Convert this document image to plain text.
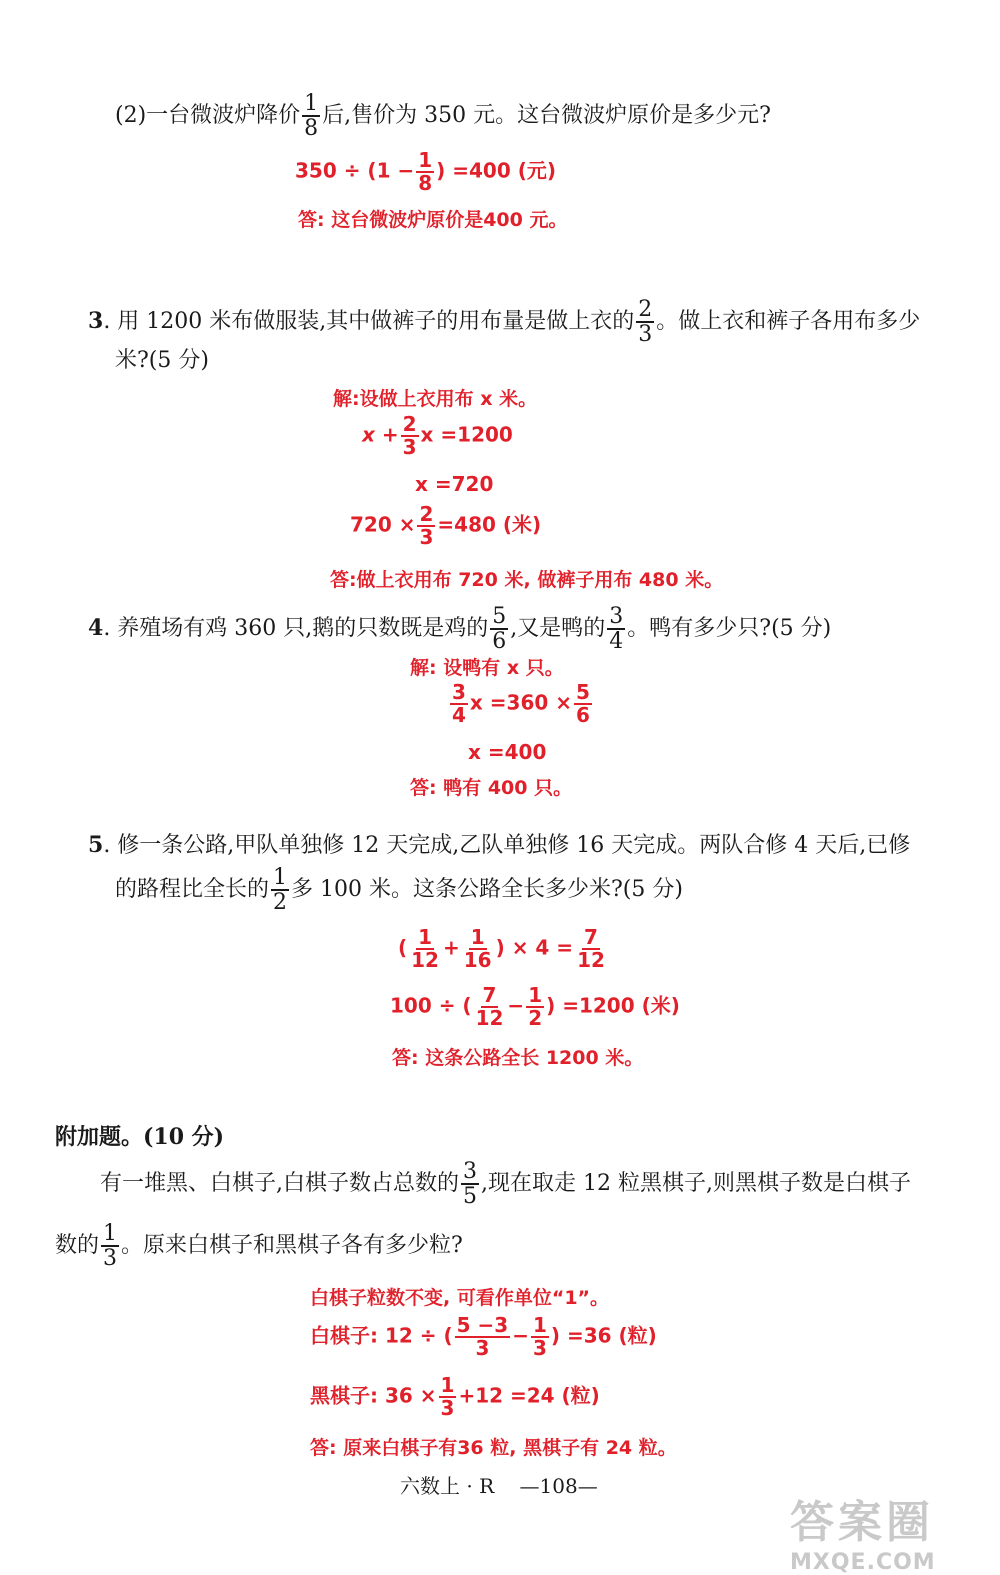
(2)一台微波炉降价 $\frac{1}{8}$ 后,售价为 350 元。这台微波炉原价是多少元?
$350 \div (1 - \frac{1}{8}$ ) =400 (元)
答: 这台微波炉原价是400 元。
3. 用 1200 米布做服装,其中做裤子的用布量是做上衣的 $\frac{2}{3}$ 。做上衣和裤子各用布多少
米?(5 分)
解:设做上衣用布 x 米。
$x + \frac{2}{3}$ x =1200
x =720
$720 \times \frac{2}{3} =480$ (米)
答:做上衣用布 720 米, 做裤子用布 480 米。
4. 养殖场有鸡 360 只,鹅的只数既是鸡的 $\frac{5}{6}$ ,又是鸭的 $\frac{3}{4}$ 。鸭有多少只?(5 分)
解: 设鸭有 x 只。
$\frac{3}{4}$ $x =360 \times \frac{5}{6}$
x =400
答: 鸭有 400 只。
5. 修一条公路,甲队单独修 12 天完成,乙队单独修 16 天完成。两队合修 4 天后,已修
的路程比全长的 $\frac{1}{2}$ 多 100 米。这条公路全长多少米?(5 分)
( $\frac{1}{12} + \frac{1}{16}$ ) × $4 = \frac{7}{12}$
100 ÷ ( $\frac{7}{12} - \frac{1}{2}$ ) =1200 (米)
答: 这条公路全长 1200 米。
附加题。(10 分)
有一堆黑、白棋子,白棋子数占总数的 $\frac{3}{5}$ ,现在取走 12 粒黑棋子,则黑棋子数是白棋子
数的 $\frac{1}{3}$ 。原来白棋子和黑棋子各有多少粒?
白棋子粒数不变, 可看作单位“1”。
白棋子: 12 ÷ ( $\frac{5 -3}{3} - \frac{1}{3}$ ) =36 (粒)
黑棋子: $36 \times \frac{1}{3} +12 =24$ (粒)
答: 原来白棋子有36 粒, 黑棋子有 24 粒。
六数上 · R    —108—
答案圈
MXQE.COM
